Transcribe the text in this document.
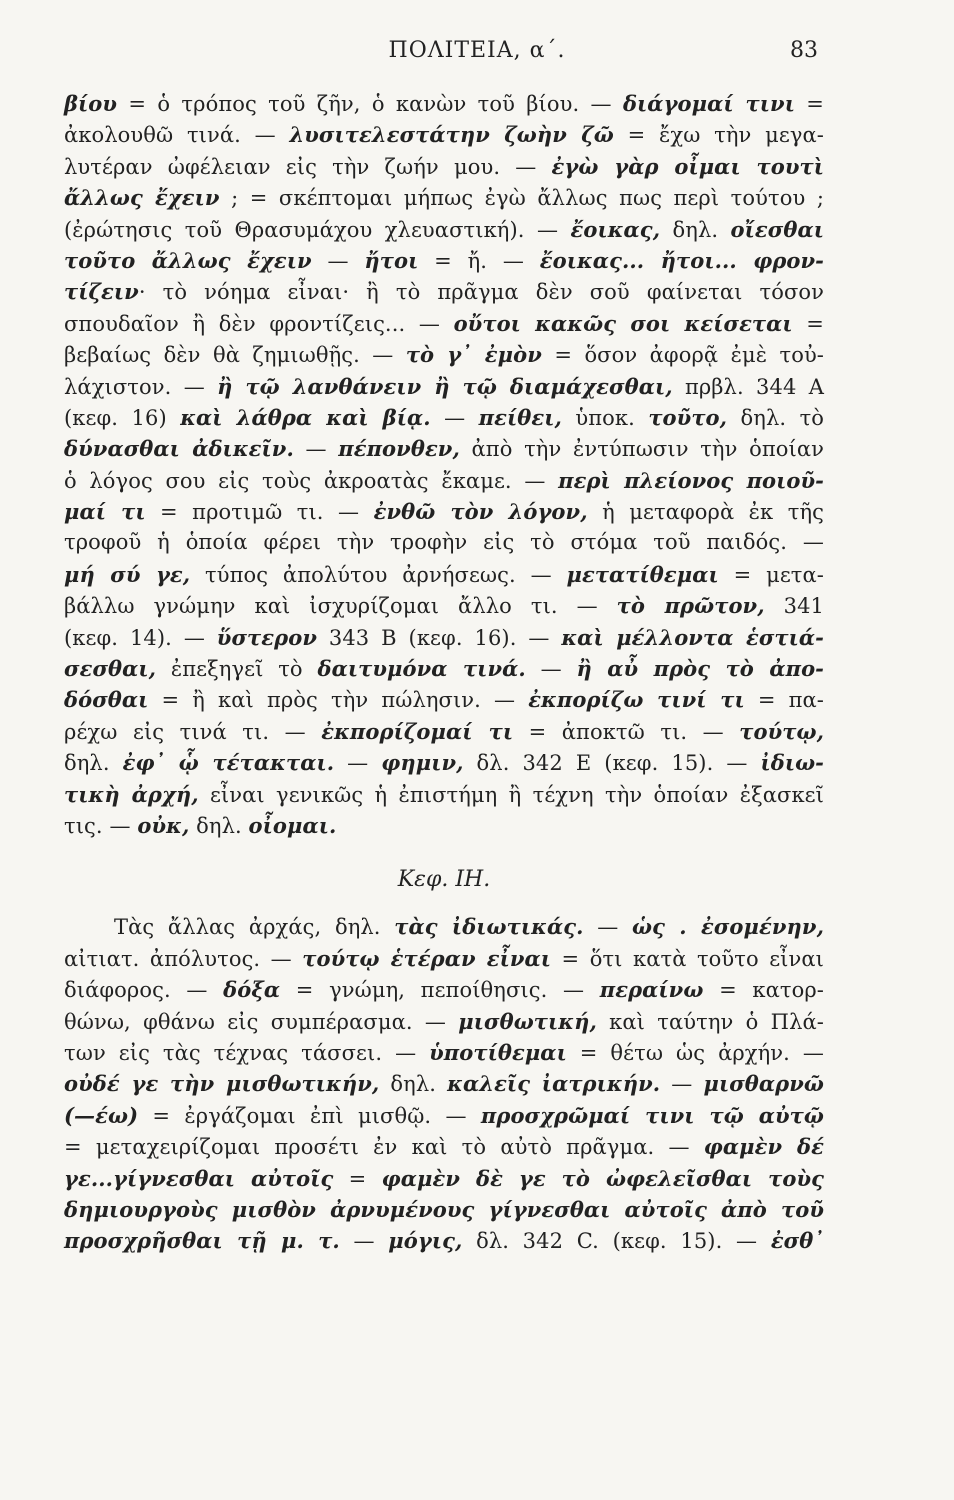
ΠΟΛΙΤΕΙΑ, α΄.	83
βίου = ὁ τρόπος τοῦ ζῆν, ὁ κανὼν τοῦ βίου. — διάγομαί τινι =
ἀκολουθῶ τινά. — λυσιτελεστάτην ζωὴν ζῶ = ἔχω τὴν μεγα-
λυτέραν ὠφέλειαν εἰς τὴν ζωήν μου. — ἐγὼ γὰρ οἶμαι τουτὶ
ἄλλως ἔχειν ; = σκέπτομαι μήπως ἐγὼ ἄλλως πως περὶ τούτου ;
(ἐρώτησις τοῦ Θρασυμάχου χλευαστική). — ἔοικας, δηλ. οἴεσθαι
τοῦτο ἄλλως ἔχειν — ἤτοι = ἤ. — ἔοικας... ἤτοι... φρον-
τίζειν· τὸ νόημα εἶναι· ἢ τὸ πρᾶγμα δὲν σοῦ φαίνεται τόσον
σπουδαῖον ἢ δὲν φροντίζεις... — οὔτοι κακῶς σοι κείσεται =
βεβαίως δὲν θὰ ζημιωθῇς. — τὸ γ᾽ ἐμὸν = ὅσον ἀφορᾷ ἐμὲ τοὐ-
λάχιστον. — ἢ τῷ λανθάνειν ἢ τῷ διαμάχεσθαι, πρβλ. 344 A
(κεφ. 16) καὶ λάθρα καὶ βίᾳ. — πείθει, ὑποκ. τοῦτο, δηλ. τὸ
δύνασθαι ἀδικεῖν. — πέπονθεν, ἀπὸ τὴν ἐντύπωσιν τὴν ὁποίαν
ὁ λόγος σου εἰς τοὺς ἀκροατὰς ἔκαμε. — περὶ πλείονος ποιοῦ-
μαί τι = προτιμῶ τι. — ἐνθῶ τὸν λόγον, ἡ μεταφορὰ ἐκ τῆς
τροφοῦ ἡ ὁποία φέρει τὴν τροφὴν εἰς τὸ στόμα τοῦ παιδός. —
μή σύ γε, τύπος ἀπολύτου ἀρνήσεως. — μετατίθεμαι = μετα-
βάλλω γνώμην καὶ ἰσχυρίζομαι ἄλλο τι. — τὸ πρῶτον, 341
(κεφ. 14). — ὕστερον 343 B (κεφ. 16). — καὶ μέλλοντα ἑστιά-
σεσθαι, ἐπεξηγεῖ τὸ δαιτυμόνα τινά. — ἢ αὖ πρὸς τὸ ἀπο-
δόσθαι = ἢ καὶ πρὸς τὴν πώλησιν. — ἐκπορίζω τινί τι = πα-
ρέχω εἰς τινά τι. — ἐκπορίζομαί τι = ἀποκτῶ τι. — τούτῳ,
δηλ. ἐφ᾽ ᾧ τέτακται. — φημιν, δλ. 342 E (κεφ. 15). — ἰδιω-
τικὴ ἀρχή, εἶναι γενικῶς ἡ ἐπιστήμη ἢ τέχνη τὴν ὁποίαν ἐξασκεῖ
τις. — οὐκ, δηλ. οἶομαι.
Κεφ. ΙΗ.
Τὰς ἄλλας ἀρχάς, δηλ. τὰς ἰδιωτικάς. — ὡς . ἐσομένην,
αἰτιατ. ἀπόλυτος. — τούτῳ ἑτέραν εἶναι = ὅτι κατὰ τοῦτο εἶναι
διάφορος. — δόξα = γνώμη, πεποίθησις. — περαίνω = κατορ-
θώνω, φθάνω εἰς συμπέρασμα. — μισθωτική, καὶ ταύτην ὁ Πλά-
των εἰς τὰς τέχνας τάσσει. — ὑποτίθεμαι = θέτω ὡς ἀρχήν. —
οὐδέ γε τὴν μισθωτικήν, δηλ. καλεῖς ἰατρικήν. — μισθαρνῶ
(—έω) = ἐργάζομαι ἐπὶ μισθῷ. — προσχρῶμαί τινι τῷ αὐτῷ
= μεταχειρίζομαι προσέτι ἐν καὶ τὸ αὐτὸ πρᾶγμα. — φαμὲν δέ
γε...γίγνεσθαι αὐτοῖς = φαμὲν δὲ γε τὸ ὠφελεῖσθαι τοὺς
δημιουργοὺς μισθὸν ἀρνυμένους γίγνεσθαι αὐτοῖς ἀπὸ τοῦ
προσχρῆσθαι τῇ μ. τ. — μόγις, δλ. 342 C. (κεφ. 15). — ἐσθ᾽
